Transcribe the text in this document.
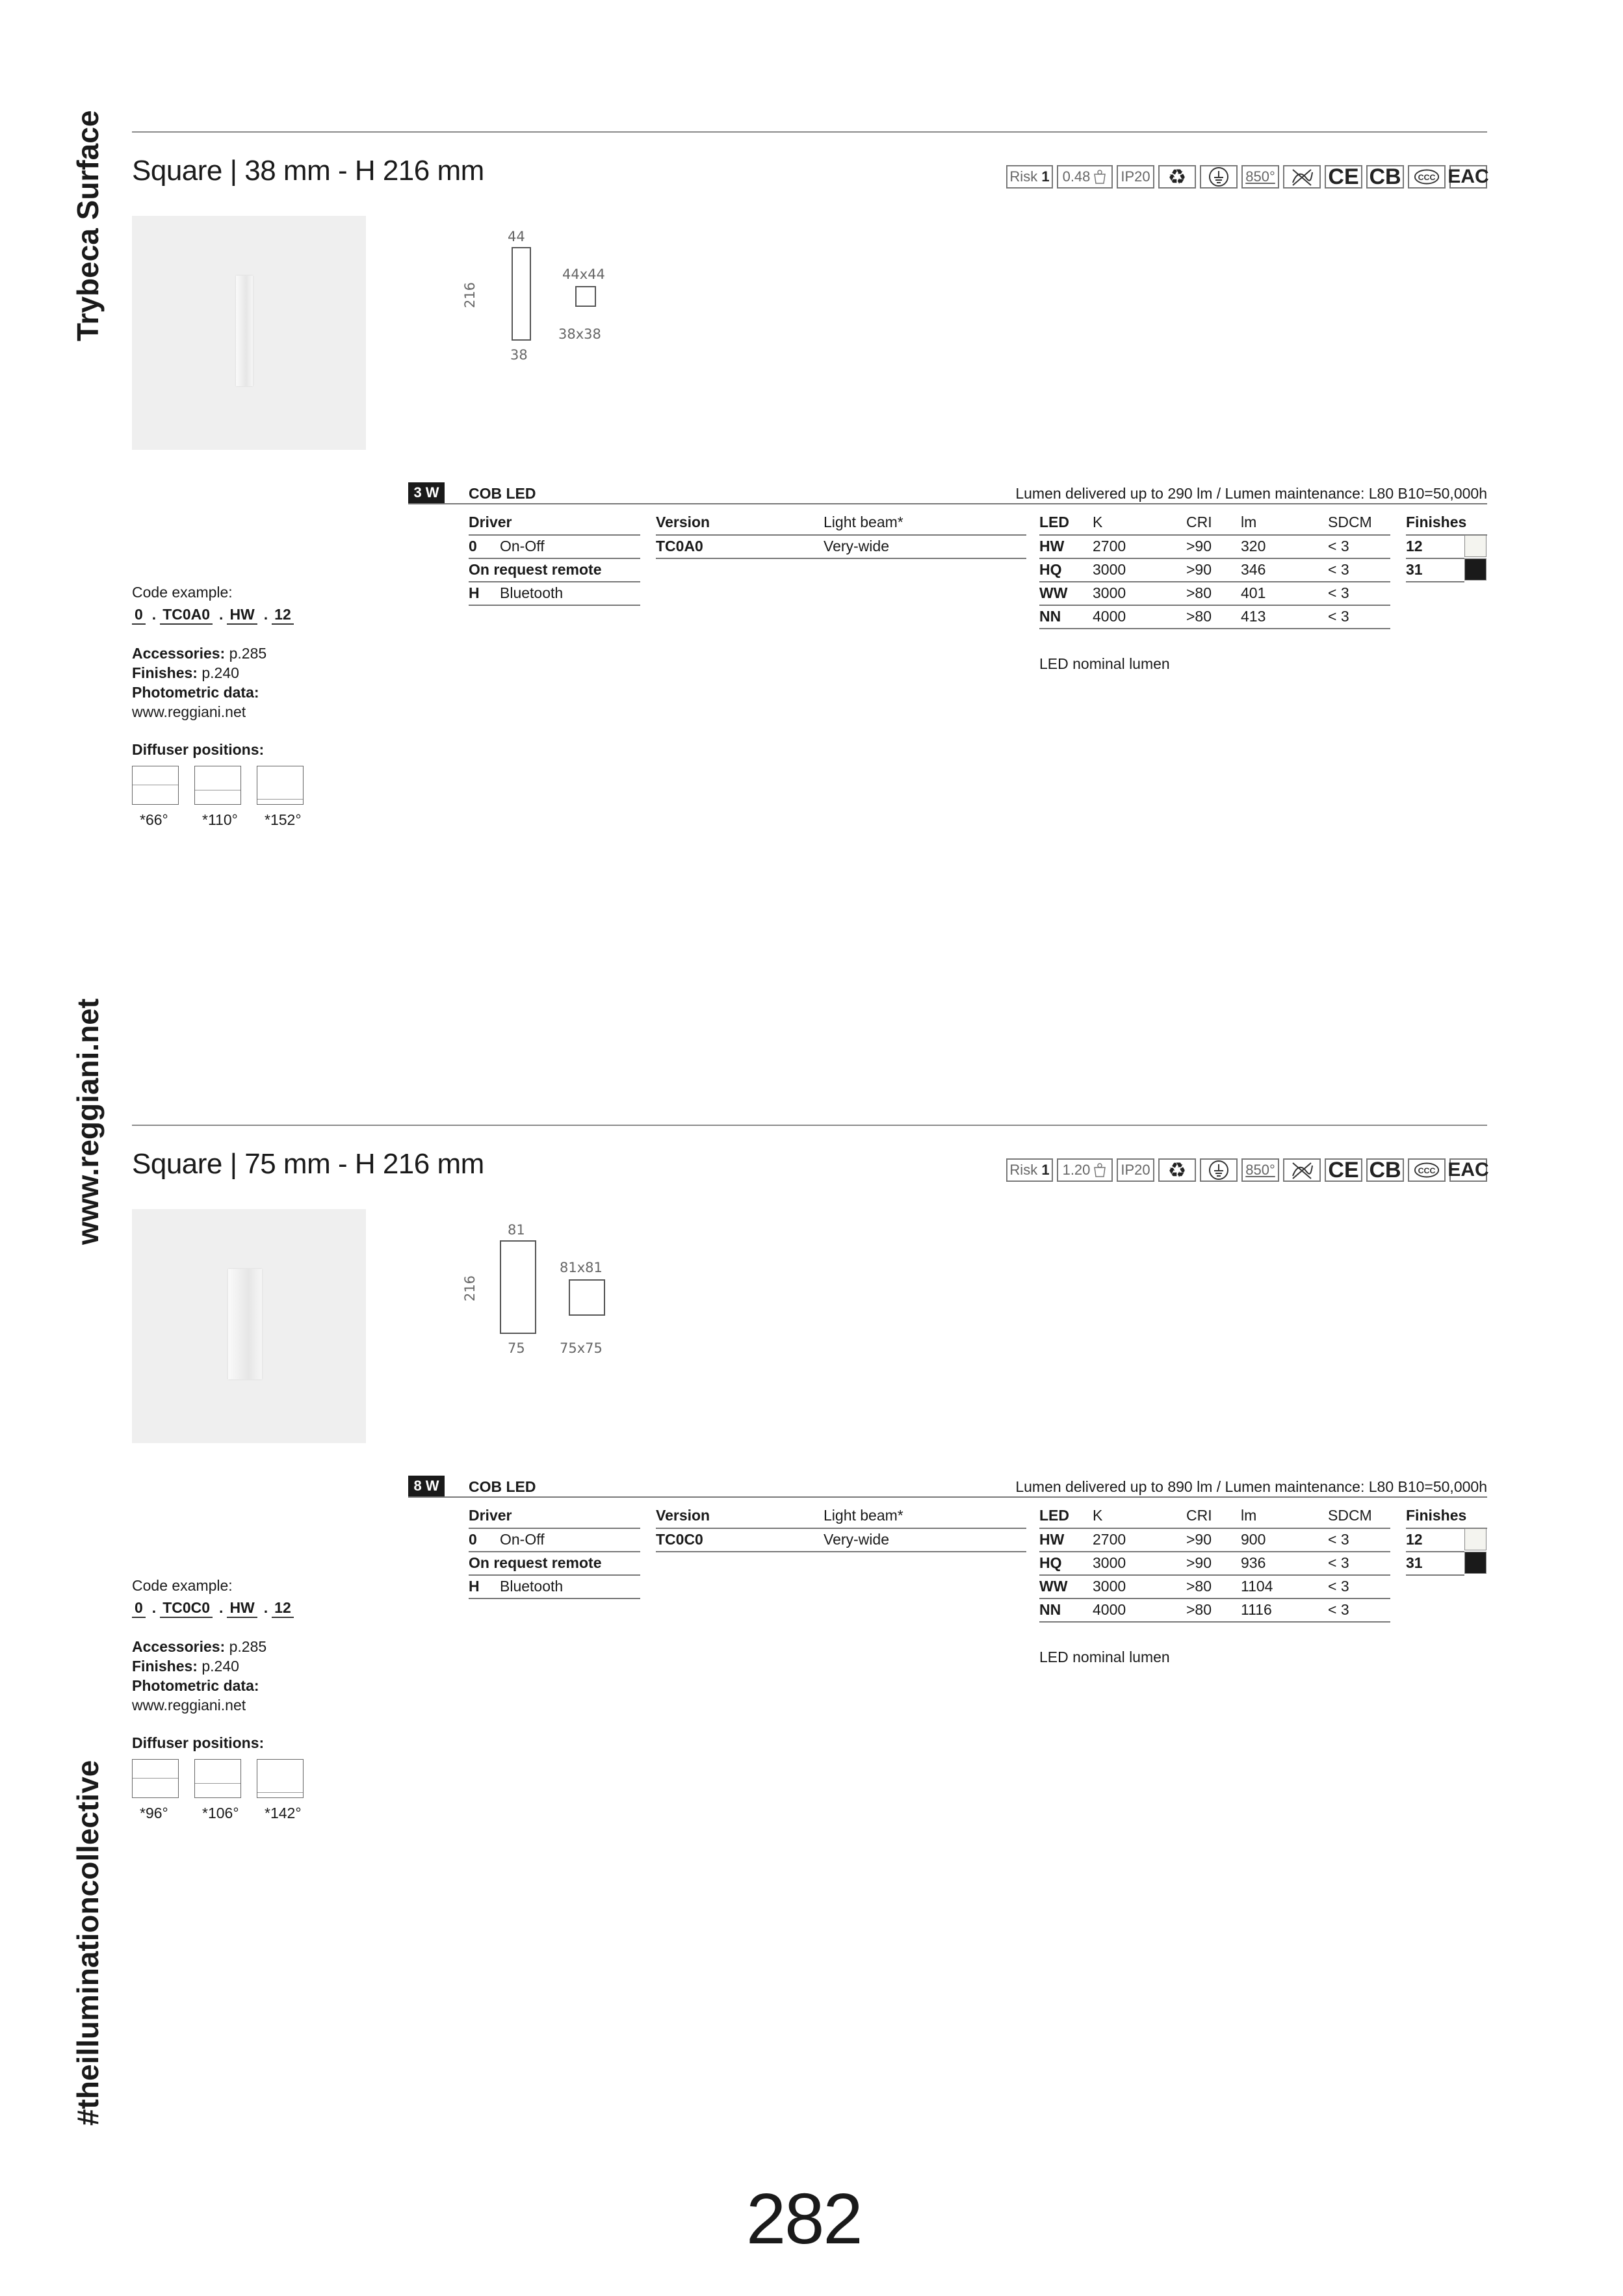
Trybeca Surface
www.reggiani.net
#theilluminationcollective
Square | 38 mm - H 216 mm	Risk
1 0.48 IP20 ♻	850° CE CB CCC EAC
44
216
38
44x44
38x38
3 W	COB LED	Lumen delivered up to 290 lm / Lumen maintenance: L80 B10=50,000h
Driver	Version	Light beam*
0 On-Off
On request remote
H Bluetooth
TC0A0	Very-wide
LED K	CRI lm	SDCM
HW 2700	>90 320	< 3
HQ 3000	>90 346	< 3
WW 3000	>80 401	< 3
NN 4000	>80 413	< 3
LED nominal lumen
Finishes
12
31
Code example:
0 . TC0A0 . HW . 12
Accessories: p.285
Finishes: p.240
Photometric data:
www.reggiani.net
Diffuser positions:
*66° *110° *152°
Square | 75 mm - H 216 mm	Risk
1 1.20 IP20 ♻	850° CE CB CCC EAC
81
216
75
81x81
75x75
8 W	COB LED	Lumen delivered up to 890 lm / Lumen maintenance: L80 B10=50,000h
Driver	Version	Light beam*
0 On-Off
On request remote
H Bluetooth
TC0C0	Very-wide
LED K	CRI lm	SDCM
HW 2700	>90 900	< 3
HQ 3000	>90 936	< 3
WW 3000	>80 1104	< 3
NN 4000	>80 1116	< 3
LED nominal lumen
Finishes
12
31
Code example:
0 . TC0C0 . HW . 12
Accessories: p.285
Finishes: p.240
Photometric data:
www.reggiani.net
Diffuser positions:
*96° *106° *142°
282
